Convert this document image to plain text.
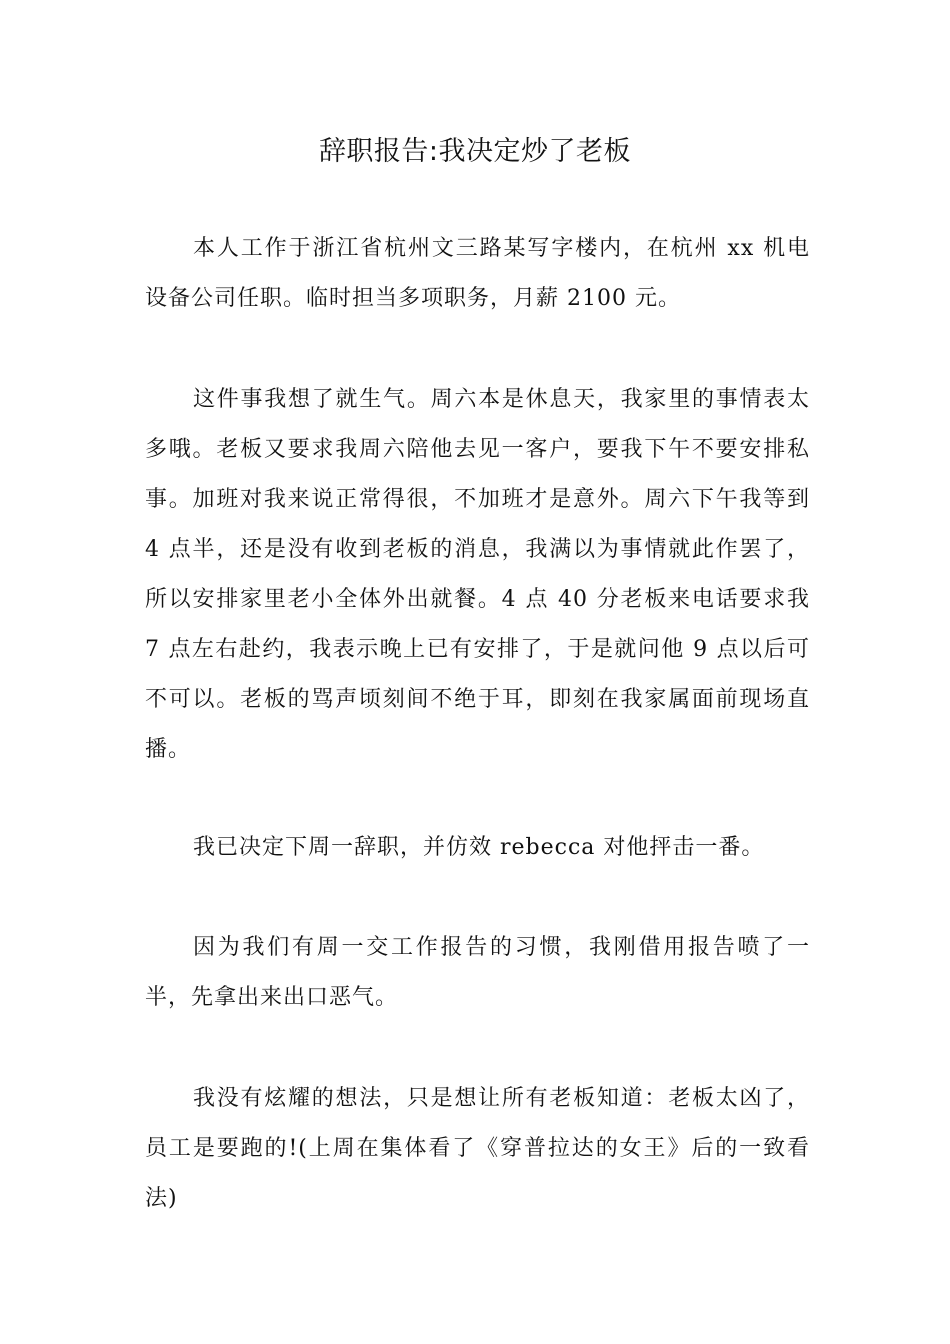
辞职报告:我决定炒了老板

本人工作于浙江省杭州文三路某写字楼内，在杭州 xx 机电设备公司任职。临时担当多项职务，月薪 2100 元。

这件事我想了就生气。周六本是休息天，我家里的事情表太多哦。老板又要求我周六陪他去见一客户，要我下午不要安排私事。加班对我来说正常得很，不加班才是意外。周六下午我等到 4 点半，还是没有收到老板的消息，我满以为事情就此作罢了，所以安排家里老小全体外出就餐。4 点 40 分老板来电话要求我 7 点左右赴约，我表示晚上已有安排了，于是就问他 9 点以后可不可以。老板的骂声顷刻间不绝于耳，即刻在我家属面前现场直播。

我已决定下周一辞职，并仿效 rebecca 对他抨击一番。

因为我们有周一交工作报告的习惯，我刚借用报告喷了一半，先拿出来出口恶气。

我没有炫耀的想法，只是想让所有老板知道：老板太凶了，员工是要跑的!(上周在集体看了《穿普拉达的女王》后的一致看法)
